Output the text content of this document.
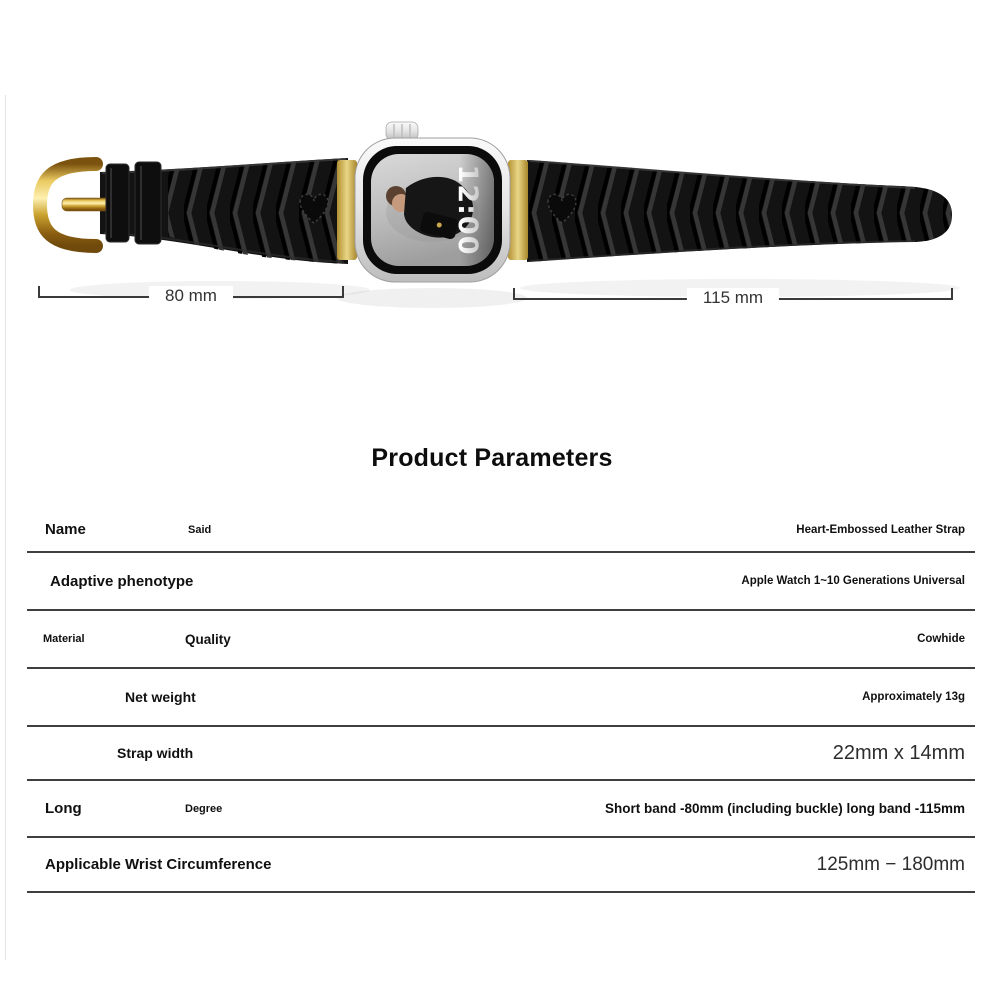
80 mm	115 mm
Product Parameters
Name	Said	Heart-Embossed Leather Strap
Adaptive phenotype	Apple Watch 1~10 Generations Universal
Material	Quality	Cowhide
Net weight	Approximately 13g
Strap width	22mm x 14mm
Long	Degree	Short band -80mm (including buckle) long band -115mm
Applicable Wrist Circumference	125mm − 180mm
